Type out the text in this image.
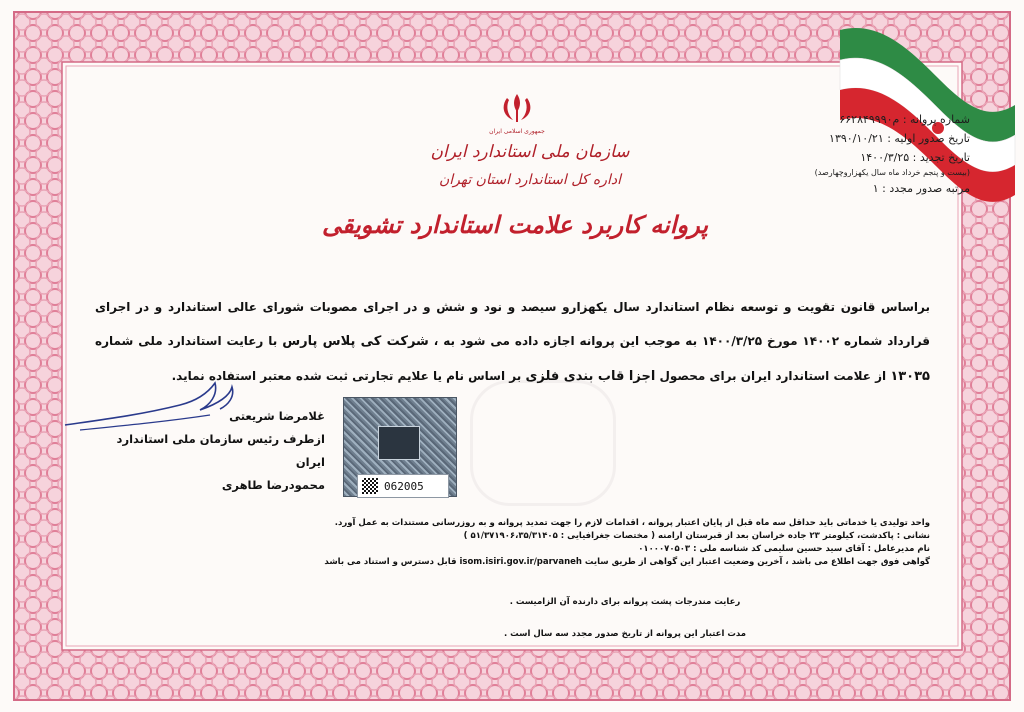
شماره پروانه : م۶۶۲۸۴۹۹۹۰
تاریخ صدور اولیه : ۱۳۹۰/۱۰/۲۱
تاریخ تجدید : ۱۴۰۰/۳/۲۵
(بیست و پنجم خرداد ماه سال یکهزاروچهارصد)
مرتبه صدور مجدد : ۱
جمهوری اسلامی ایران
سازمان ملی استاندارد ایران
اداره کل استاندارد استان تهران
پروانه کاربرد علامت استاندارد تشویقی
براساس قانون تقویت و توسعه نظام استاندارد سال یکهزارو سیصد و نود و شش و در اجرای مصوبات شورای عالی استاندارد و در اجرای قرارداد شماره ۱۴۰۰۲ مورخ ۱۴۰۰/۳/۲۵ به موجب این پروانه اجازه داده می شود به ، شرکت کی پلاس پارس با رعایت استاندارد ملی شماره ۱۳۰۳۵ از علامت استاندارد ایران برای محصول اجزا قاب بندی فلزی بر اساس نام یا علایم تجارتی ثبت شده معتبر استفاده نماید.
غلامرضا شریعتی
ازطرف رئیس سازمان ملی استاندارد ایران
محمودرضا طاهری	062005
واحد تولیدی یا خدماتی باید حداقل سه ماه قبل از پایان اعتبار پروانه ، اقدامات لازم را جهت تمدید پروانه و به روزرسانی مستندات به عمل آورد.
نشانی : پاکدشت، کیلومتر ۲۳ جاده خراسان بعد از قبرستان ارامنه ( مختصات جغرافیایی : ۵۱/۳۷۱۹۰۶،۳۵/۳۱۴۰۵ )
نام مدیرعامل : آقای سید حسین سلیمی کد شناسه ملی : ۰۱۰۰۰۷۰۵۰۳
گواهی فوق جهت اطلاع می باشد ، آخرین وضعیت اعتبار این گواهی از طریق سایت isom.isiri.gov.ir/parvaneh قابل دسترس و استناد می باشد
رعایت مندرجات پشت پروانه برای دارنده آن الزامیست .
مدت اعتبار این پروانه از تاریخ صدور مجدد سه سال است .
